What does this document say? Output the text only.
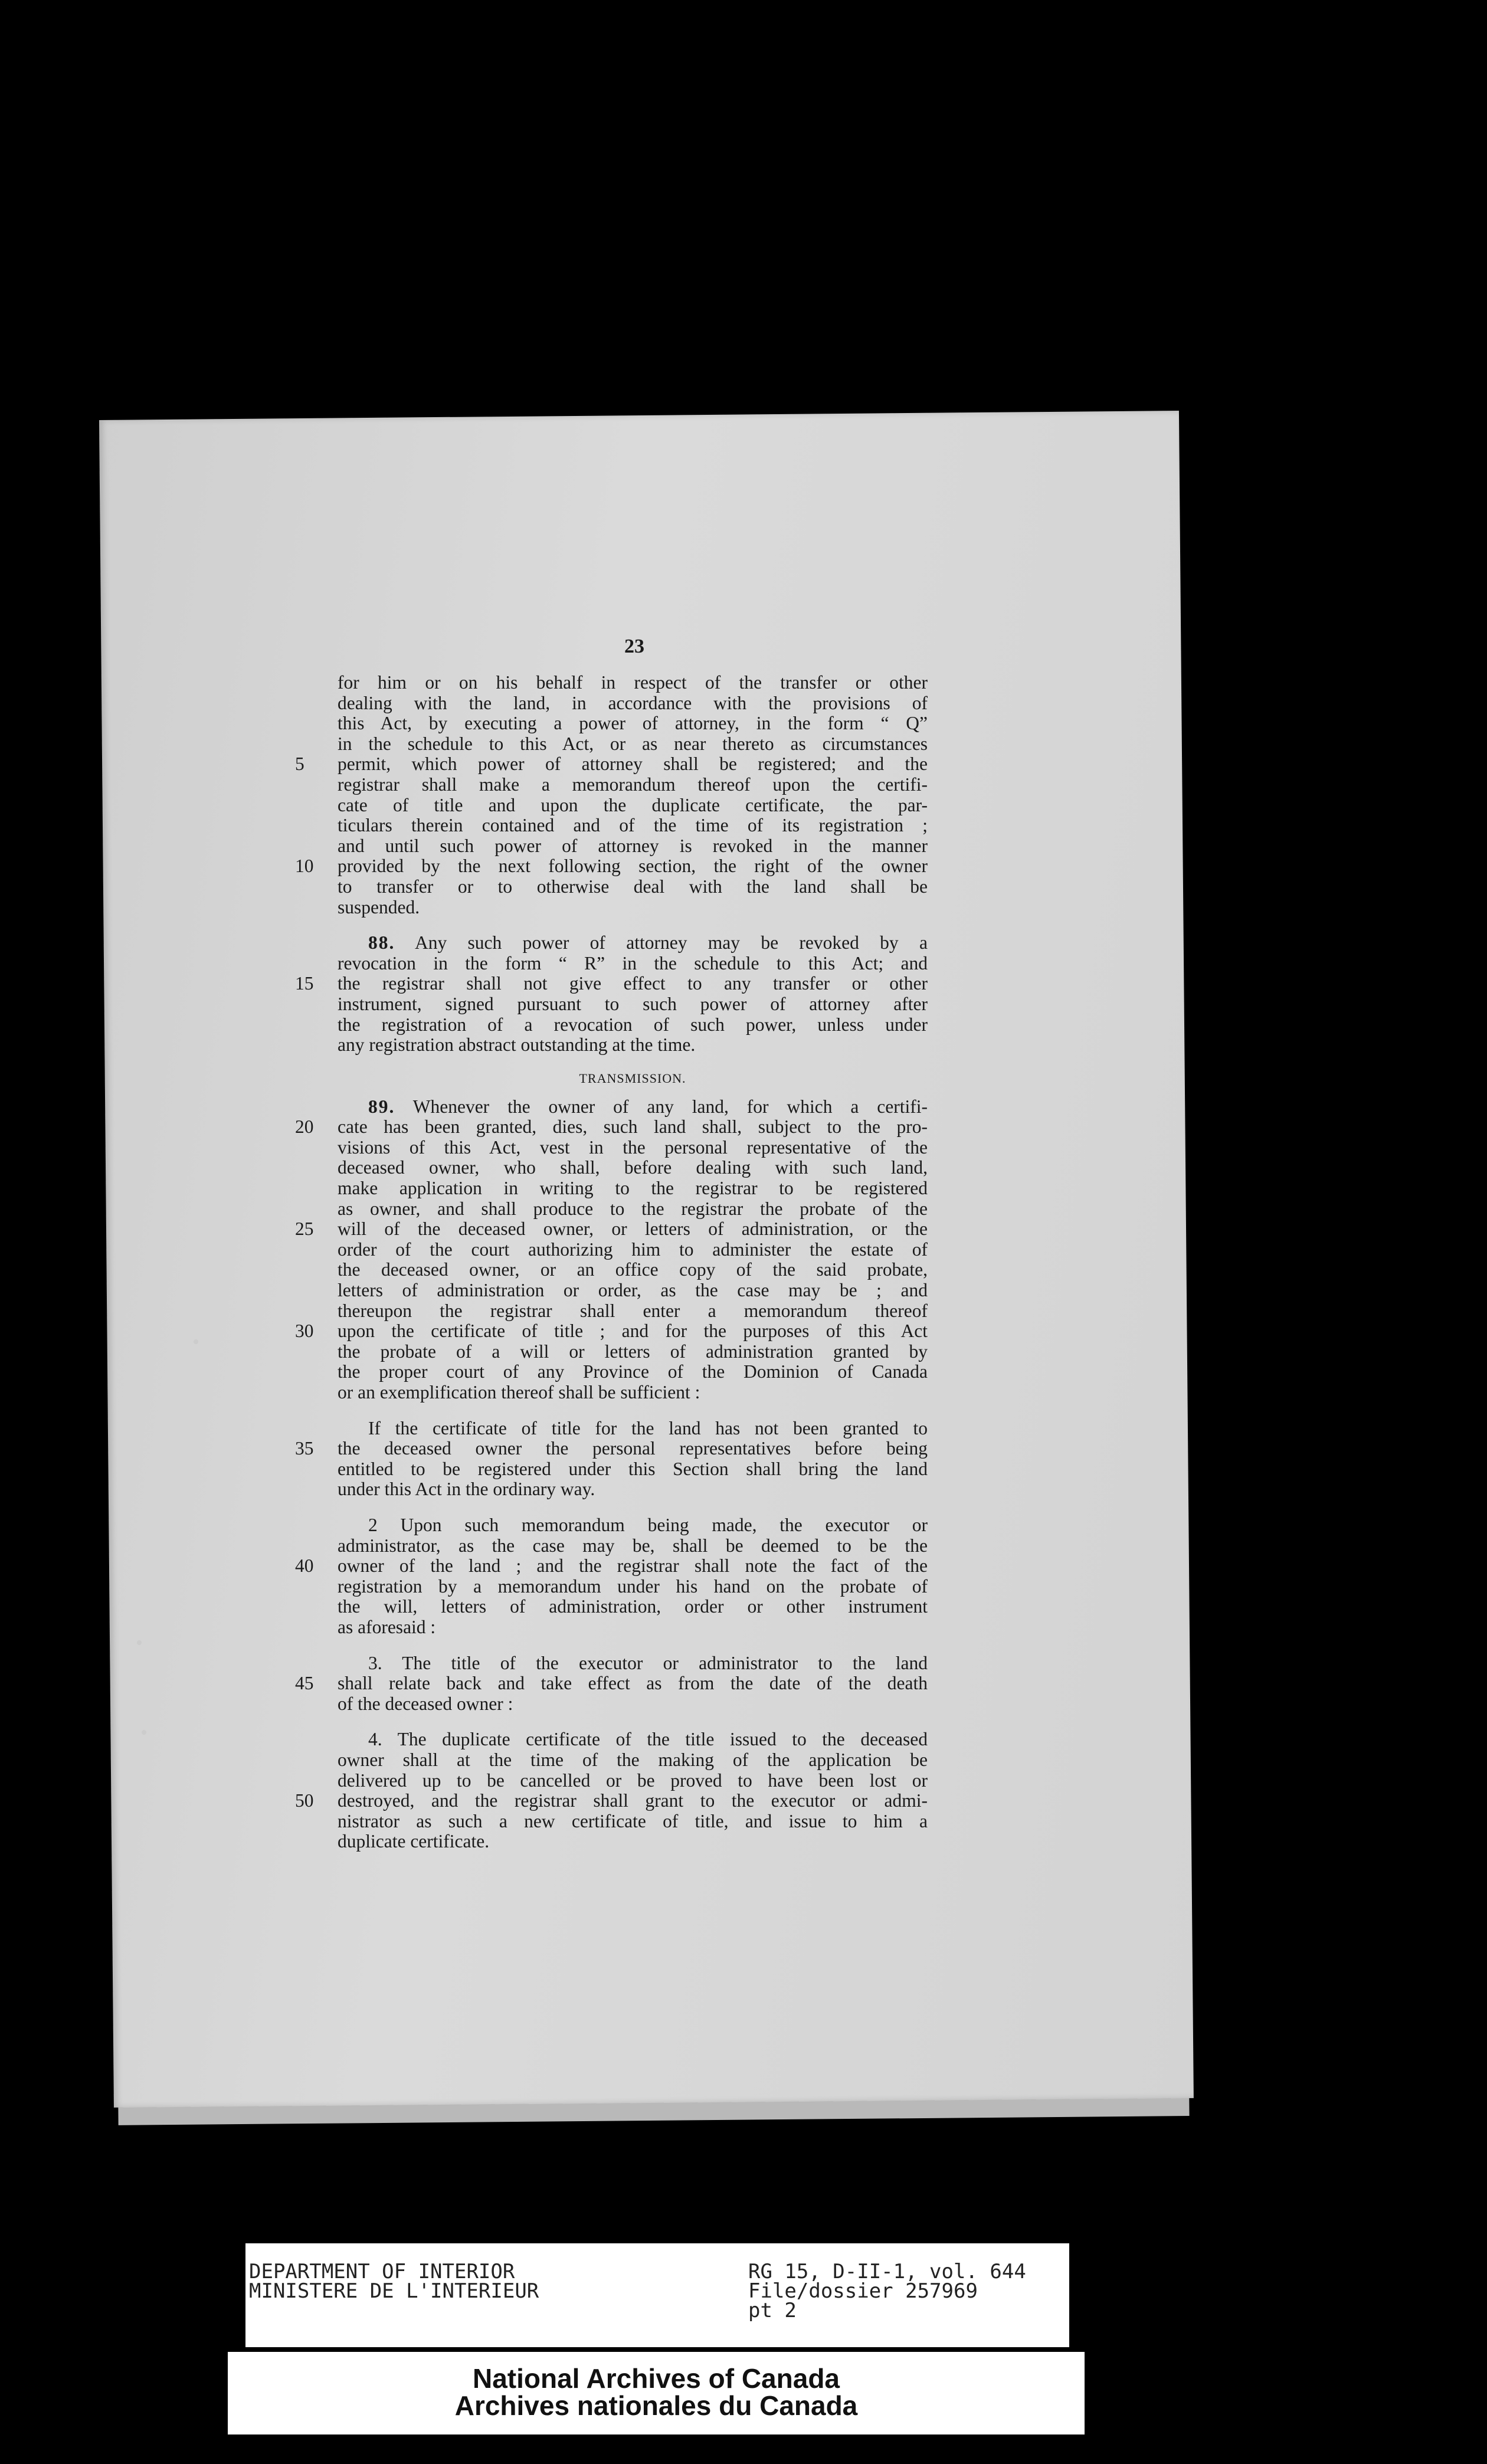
23
for him or on his behalf in respect of the transfer or other
dealing with the land, in accordance with the provisions of
this Act, by executing a power of attorney, in the form “ Q”
in the schedule to this Act, or as near thereto as circumstances
permit, which power of attorney shall be registered; and the
5
registrar shall make a memorandum thereof upon the certifi-
cate of title and upon the duplicate certificate, the par-
ticulars therein contained and of the time of its registration ;
and until such power of attorney is revoked in the manner
provided by the next following section, the right of the owner
10
to transfer or to otherwise deal with the land shall be
suspended.
88. Any such power of attorney may be revoked by a
revocation in the form “ R” in the schedule to this Act; and
the registrar shall not give effect to any transfer or other
15
instrument, signed pursuant to such power of attorney after
the registration of a revocation of such power, unless under
any registration abstract outstanding at the time.
TRANSMISSION.
89. Whenever the owner of any land, for which a certifi-
cate has been granted, dies, such land shall, subject to the pro-
20
visions of this Act, vest in the personal representative of the
deceased owner, who shall, before dealing with such land,
make application in writing to the registrar to be registered
as owner, and shall produce to the registrar the probate of the
will of the deceased owner, or letters of administration, or the
25
order of the court authorizing him to administer the estate of
the deceased owner, or an office copy of the said probate,
letters of administration or order, as the case may be ; and
thereupon the registrar shall enter a memorandum thereof
upon the certificate of title ; and for the purposes of this Act
30
the probate of a will or letters of administration granted by
the proper court of any Province of the Dominion of Canada
or an exemplification thereof shall be sufficient :
If the certificate of title for the land has not been granted to
the deceased owner the personal representatives before being
35
entitled to be registered under this Section shall bring the land
under this Act in the ordinary way.
2 Upon such memorandum being made, the executor or
administrator, as the case may be, shall be deemed to be the
owner of the land ; and the registrar shall note the fact of the
40
registration by a memorandum under his hand on the probate of
the will, letters of administration, order or other instrument
as aforesaid :
3. The title of the executor or administrator to the land
shall relate back and take effect as from the date of the death
45
of the deceased owner :
4. The duplicate certificate of the title issued to the deceased
owner shall at the time of the making of the application be
delivered up to be cancelled or be proved to have been lost or
destroyed, and the registrar shall grant to the executor or admi-
50
nistrator as such a new certificate of title, and issue to him a
duplicate certificate.
DEPARTMENT OF INTERIOR
MINISTERE DE L'INTERIEUR
RG 15, D-II-1, vol. 644
File/dossier 257969
pt 2
National Archives of Canada
Archives nationales du Canada
